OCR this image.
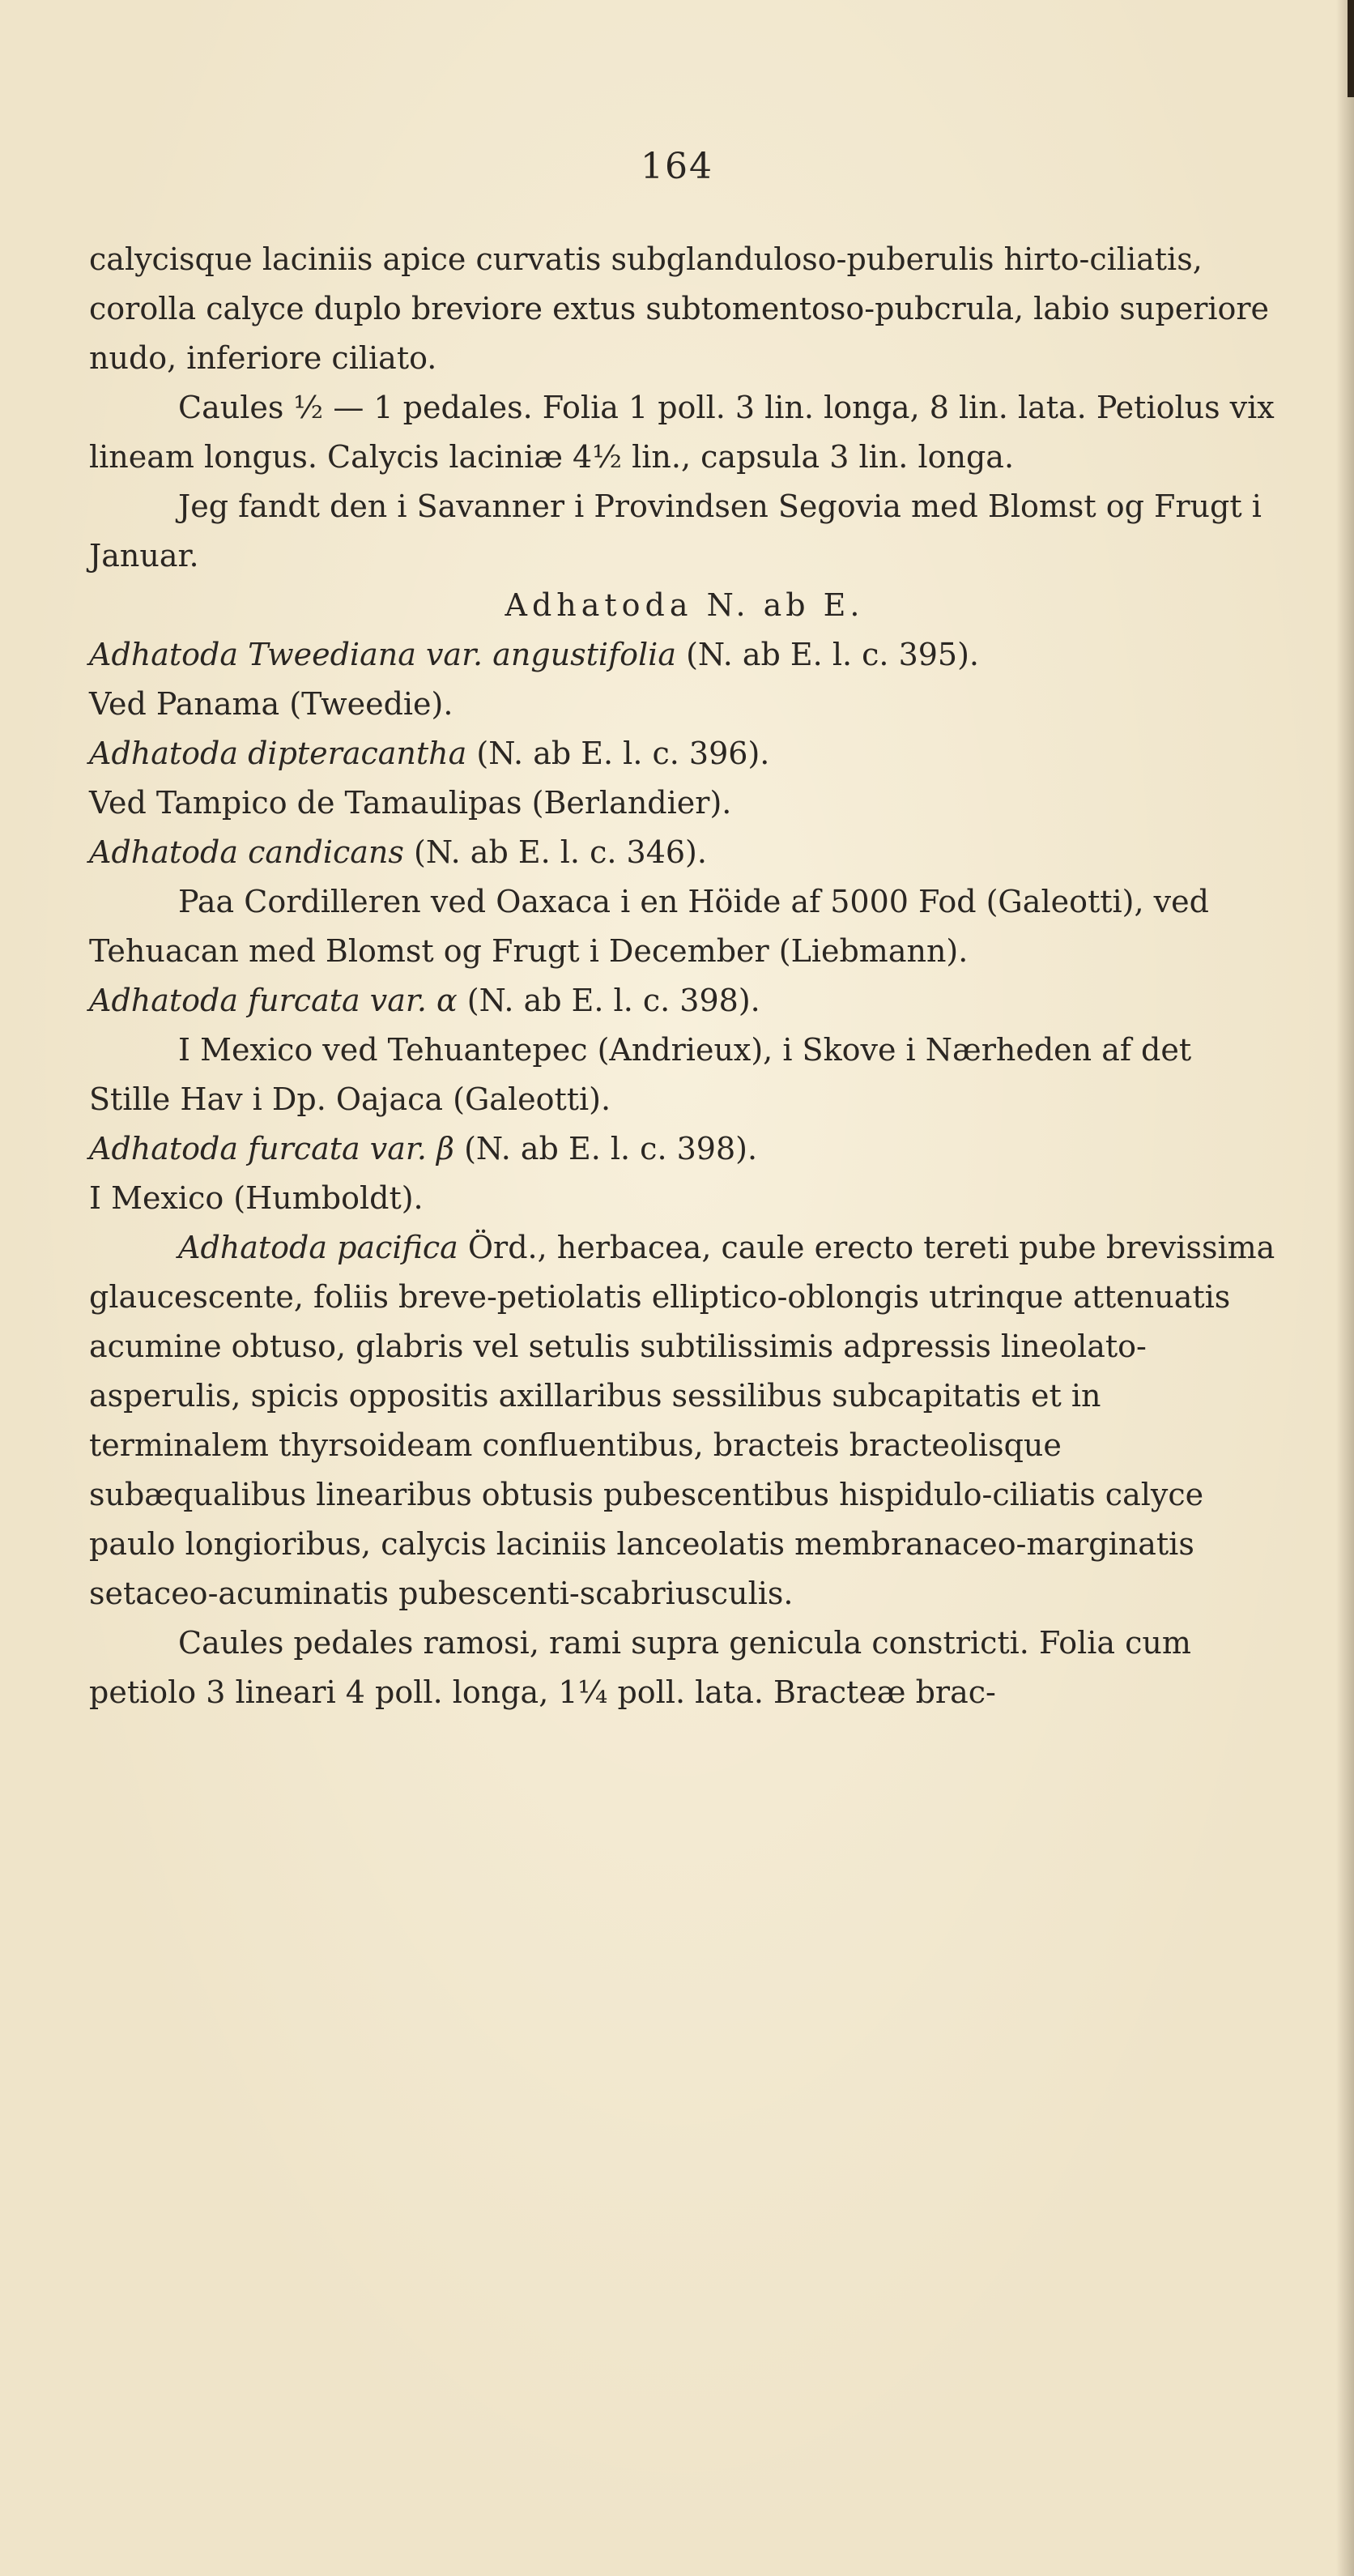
164

calycisque laciniis apice curvatis subglanduloso-puberulis hirto-ciliatis, corolla calyce duplo breviore extus subtomentoso-pubcrula, labio superiore nudo, inferiore ciliato.

Caules ½ — 1 pedales. Folia 1 poll. 3 lin. longa, 8 lin. lata. Petiolus vix lineam longus. Calycis laciniæ 4½ lin., capsula 3 lin. longa.

Jeg fandt den i Savanner i Provindsen Segovia med Blomst og Frugt i Januar.

Adhatoda N. ab E.

Adhatoda Tweediana var. angustifolia (N. ab E. l. c. 395).

Ved Panama (Tweedie).

Adhatoda dipteracantha (N. ab E. l. c. 396).

Ved Tampico de Tamaulipas (Berlandier).

Adhatoda candicans (N. ab E. l. c. 346).

Paa Cordilleren ved Oaxaca i en Höide af 5000 Fod (Galeotti), ved Tehuacan med Blomst og Frugt i December (Liebmann).

Adhatoda furcata var. α (N. ab E. l. c. 398).

I Mexico ved Tehuantepec (Andrieux), i Skove i Nærheden af det Stille Hav i Dp. Oajaca (Galeotti).

Adhatoda furcata var. β (N. ab E. l. c. 398).

I Mexico (Humboldt).

Adhatoda pacifica Örd., herbacea, caule erecto tereti pube brevissima glaucescente, foliis breve-petiolatis elliptico-oblongis utrinque attenuatis acumine obtuso, glabris vel setulis subtilissimis adpressis lineolato-asperulis, spicis oppositis axillaribus sessilibus subcapitatis et in terminalem thyrsoideam confluentibus, bracteis bracteolisque subæqualibus linearibus obtusis pubescentibus hispidulo-ciliatis calyce paulo longioribus, calycis laciniis lanceolatis membranaceo-marginatis setaceo-acuminatis pubescenti-scabriusculis.

Caules pedales ramosi, rami supra genicula constricti. Folia cum petiolo 3 lineari 4 poll. longa, 1¼ poll. lata. Bracteæ brac-
